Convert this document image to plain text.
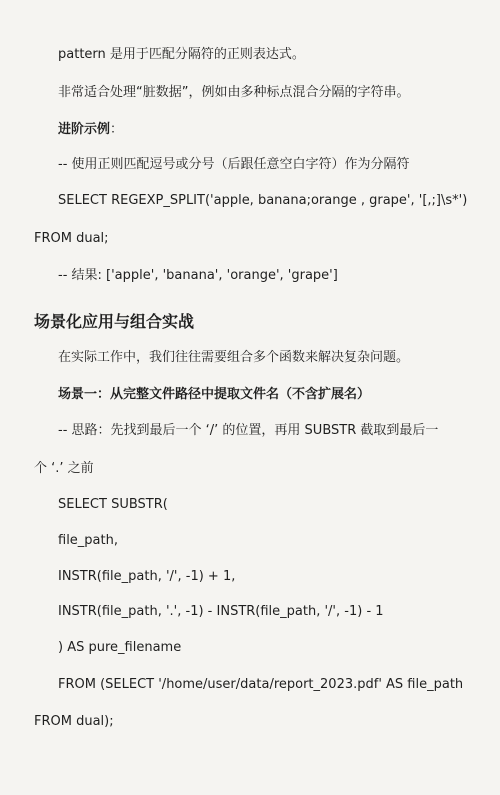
pattern 是用于匹配分隔符的正则表达式。
非常适合处理“脏数据”，例如由多种标点混合分隔的字符串。
进阶示例：
-- 使用正则匹配逗号或分号（后跟任意空白字符）作为分隔符
SELECT REGEXP_SPLIT('apple, banana;orange , grape', '[,;]\s*')
FROM dual;
-- 结果: ['apple', 'banana', 'orange', 'grape']
场景化应用与组合实战
在实际工作中，我们往往需要组合多个函数来解决复杂问题。
场景一：从完整文件路径中提取文件名（不含扩展名）
-- 思路：先找到最后一个 ‘/’ 的位置，再用 SUBSTR 截取到最后一
个 ‘.’ 之前
SELECT SUBSTR(
file_path,
INSTR(file_path, '/', -1) + 1,
INSTR(file_path, '.', -1) - INSTR(file_path, '/', -1) - 1
) AS pure_filename
FROM (SELECT '/home/user/data/report_2023.pdf' AS file_path
FROM dual);
